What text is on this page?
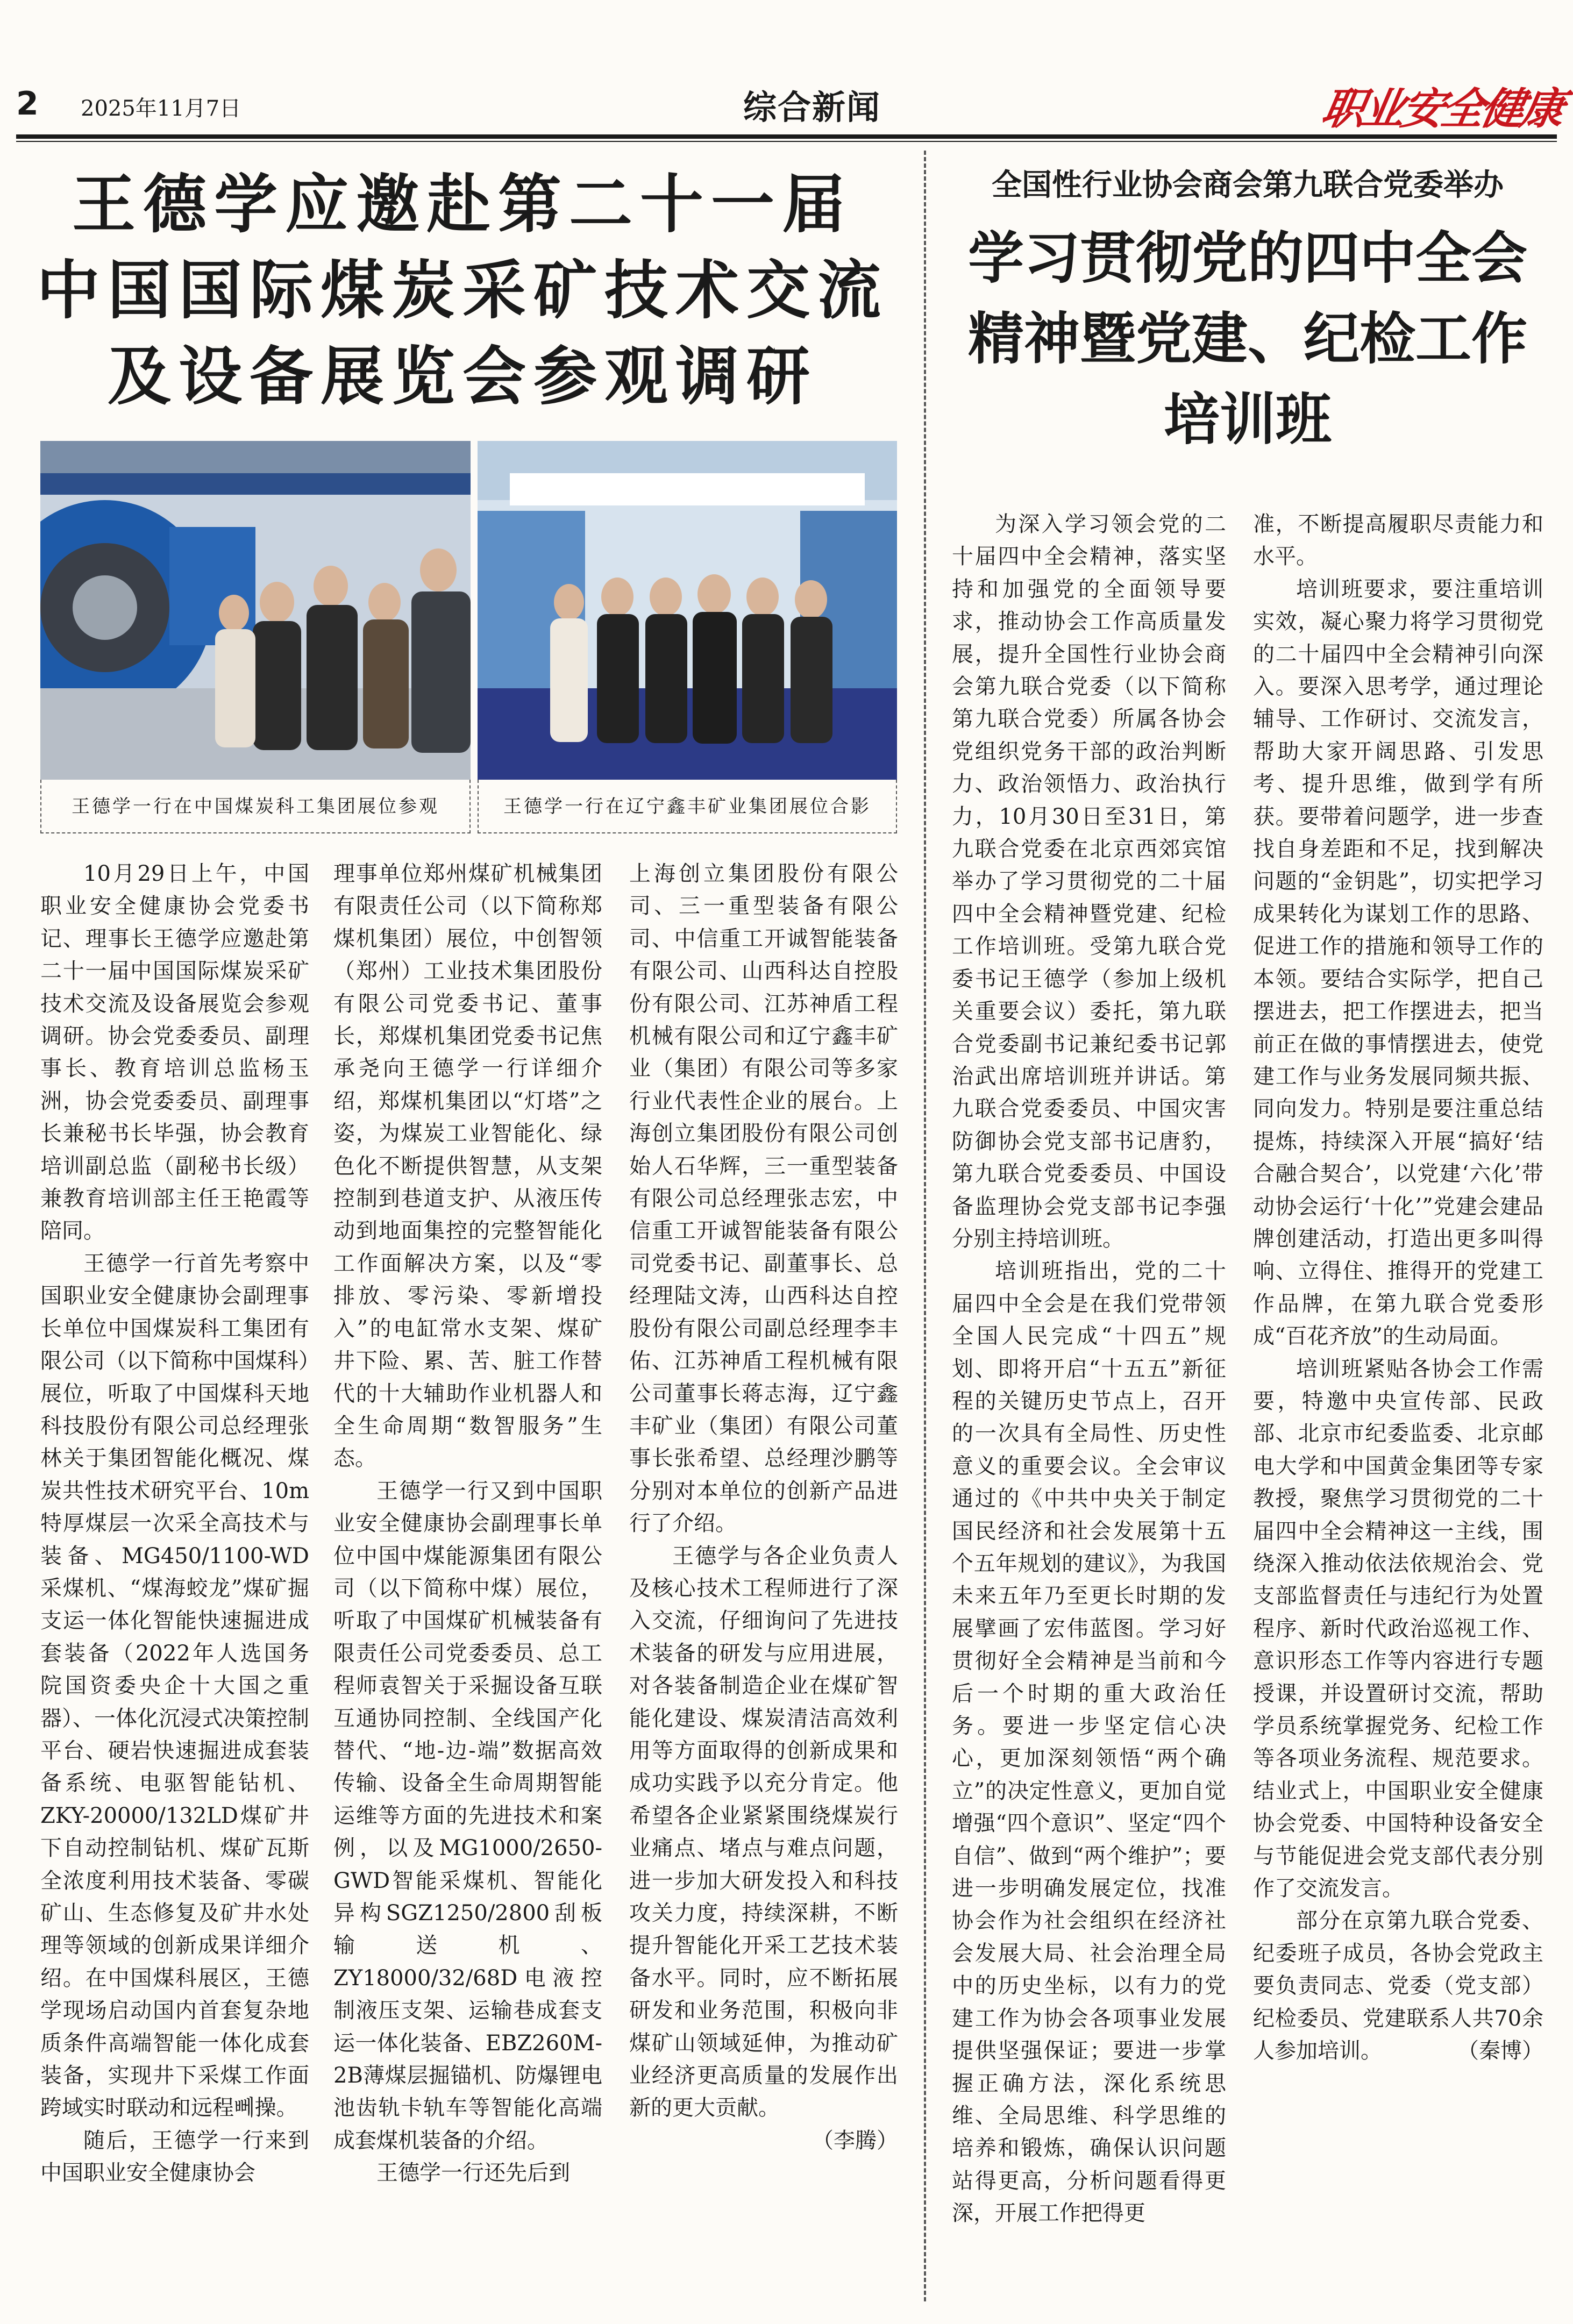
2 2025年11月7日	综合新闻	职业安全健康
王德学应邀赴第二十一届
中国国际煤炭采矿技术交流
及设备展览会参观调研
王德学一行在中国煤炭科工集团展位参观	王德学一行在辽宁鑫丰矿业集团展位合影

10月29日上午，中国职业安全健康协会党委书记、理事长王德学应邀赴第二十一届中国国际煤炭采矿技术交流及设备展览会参观调研。协会党委委员、副理事长、教育培训总监杨玉洲，协会党委委员、副理事长兼秘书长毕强，协会教育培训副总监（副秘书长级）兼教育培训部主任王艳霞等陪同。

王德学一行首先考察中国职业安全健康协会副理事长单位中国煤炭科工集团有限公司（以下简称中国煤科）展位，听取了中国煤科天地科技股份有限公司总经理张林关于集团智能化概况、煤炭共性技术研究平台、10m特厚煤层一次采全高技术与装备、MG450/1100-WD采煤机、“煤海蛟龙”煤矿掘支运一体化智能快速掘进成套装备（2022年人选国务院国资委央企十大国之重器）、一体化沉浸式决策控制平台、硬岩快速掘进成套装备系统、电驱智能钻机、ZKY-20000/132LD煤矿井下自动控制钻机、煤矿瓦斯全浓度利用技术装备、零碳矿山、生态修复及矿井水处理等领域的创新成果详细介绍。在中国煤科展区，王德学现场启动国内首套复杂地质条件高端智能一体化成套装备，实现井下采煤工作面跨域实时联动和远程뻬操。

随后，王德学一行来到中国职业安全健康协会

理事单位郑州煤矿机械集团有限责任公司（以下简称郑煤机集团）展位，中创智领（郑州）工业技术集团股份有限公司党委书记、董事长，郑煤机集团党委书记焦承尧向王德学一行详细介绍，郑煤机集团以“灯塔”之姿，为煤炭工业智能化、绿色化不断提供智慧，从支架控制到巷道支护、从液压传动到地面集控的完整智能化工作面解决方案，以及“零排放、零污染、零新增投入”的电缸常水支架、煤矿井下险、累、苦、脏工作替代的十大辅助作业机器人和全生命周期“数智服务”生态。

王德学一行又到中国职业安全健康协会副理事长单位中国中煤能源集团有限公司（以下简称中煤）展位，听取了中国煤矿机械装备有限责任公司党委委员、总工程师袁智关于采掘设备互联互通协同控制、全线国产化替代、“地-边-端”数据高效传输、设备全生命周期智能运维等方面的先进技术和案例，以及MG1000/2650-GWD智能采煤机、智能化异构SGZ1250/2800刮板输送机、ZY18000/32/68D电液控制液压支架、运输巷成套支运一体化装备、EBZ260M-2B薄煤层掘锚机、防爆锂电池齿轨卡轨车等智能化高端成套煤机装备的介绍。

王德学一行还先后到

上海创立集团股份有限公司、三一重型装备有限公司、中信重工开诚智能装备有限公司、山西科达自控股份有限公司、江苏神盾工程机械有限公司和辽宁鑫丰矿业（集团）有限公司等多家行业代表性企业的展台。上海创立集团股份有限公司创始人石华辉，三一重型装备有限公司总经理张志宏，中信重工开诚智能装备有限公司党委书记、副董事长、总经理陆文涛，山西科达自控股份有限公司副总经理李丰佑、江苏神盾工程机械有限公司董事长蒋志海，辽宁鑫丰矿业（集团）有限公司董事长张希望、总经理沙鹏等分别对本单位的创新产品进行了介绍。

王德学与各企业负责人及核心技术工程师进行了深入交流，仔细询问了先进技术装备的研发与应用进展，对各装备制造企业在煤矿智能化建设、煤炭清洁高效利用等方面取得的创新成果和成功实践予以充分肯定。他希望各企业紧紧围绕煤炭行业痛点、堵点与难点问题，进一步加大研发投入和科技攻关力度，持续深耕，不断提升智能化开采工艺技术装备水平。同时，应不断拓展研发和业务范围，积极向非煤矿山领域延伸，为推动矿业经济更高质量的发展作出新的更大贡献。
（李腾）

全国性行业协会商会第九联合党委举办
学习贯彻党的四中全会
精神暨党建、纪检工作
培训班

为深入学习领会党的二十届四中全会精神，落实坚持和加强党的全面领导要求，推动协会工作高质量发展，提升全国性行业协会商会第九联合党委（以下简称第九联合党委）所属各协会党组织党务干部的政治判断力、政治领悟力、政治执行力，10月30日至31日，第九联合党委在北京西郊宾馆举办了学习贯彻党的二十届四中全会精神暨党建、纪检工作培训班。受第九联合党委书记王德学（参加上级机关重要会议）委托，第九联合党委副书记兼纪委书记郭治武出席培训班并讲话。第九联合党委委员、中国灾害防御协会党支部书记唐豹，第九联合党委委员、中国设备监理协会党支部书记李强分别主持培训班。

培训班指出，党的二十届四中全会是在我们党带领全国人民完成“十四五”规划、即将开启“十五五”新征程的关键历史节点上，召开的一次具有全局性、历史性意义的重要会议。全会审议通过的《中共中央关于制定国民经济和社会发展第十五个五年规划的建议》，为我国未来五年乃至更长时期的发展擘画了宏伟蓝图。学习好贯彻好全会精神是当前和今后一个时期的重大政治任务。要进一步坚定信心决心，更加深刻领悟“两个确立”的决定性意义，更加自觉增强“四个意识”、坚定“四个自信”、做到“两个维护”；要进一步明确发展定位，找准协会作为社会组织在经济社会发展大局、社会治理全局中的历史坐标，以有力的党建工作为协会各项事业发展提供坚强保证；要进一步掌握正确方法，深化系统思维、全局思维、科学思维的培养和锻炼，确保认识问题站得更高，分析问题看得更深，开展工作把得更

准，不断提高履职尽责能力和水平。

培训班要求，要注重培训实效，凝心聚力将学习贯彻党的二十届四中全会精神引向深入。要深入思考学，通过理论辅导、工作研讨、交流发言，帮助大家开阔思路、引发思考、提升思维，做到学有所获。要带着问题学，进一步查找自身差距和不足，找到解决问题的“金钥匙”，切实把学习成果转化为谋划工作的思路、促进工作的措施和领导工作的本领。要结合实际学，把自己摆进去，把工作摆进去，把当前正在做的事情摆进去，使党建工作与业务发展同频共振、同向发力。特别是要注重总结提炼，持续深入开展“搞好‘结合融合契合’，以党建‘六化’带动协会运行‘十化’”党建会建品牌创建活动，打造出更多叫得响、立得住、推得开的党建工作品牌，在第九联合党委形成“百花齐放”的生动局面。

培训班紧贴各协会工作需要，特邀中央宣传部、民政部、北京市纪委监委、北京邮电大学和中国黄金集团等专家教授，聚焦学习贯彻党的二十届四中全会精神这一主线，围绕深入推动依法依规治会、党支部监督责任与违纪行为处置程序、新时代政治巡视工作、意识形态工作等内容进行专题授课，并设置研讨交流，帮助学员系统掌握党务、纪检工作等各项业务流程、规范要求。结业式上，中国职业安全健康协会党委、中国特种设备安全与节能促进会党支部代表分别作了交流发言。

部分在京第九联合党委、纪委班子成员，各协会党政主要负责同志、党委（党支部）纪检委员、党建联系人共70余人参加培训。	（秦博）
